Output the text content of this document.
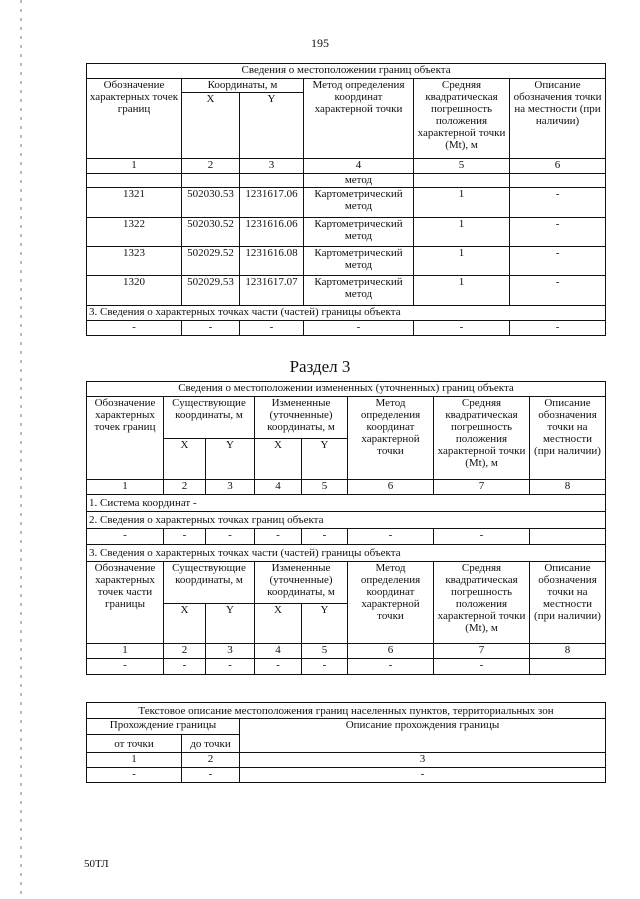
195
Сведения о местоположении границ объекта					
Обозначение характерных точек границ	Координаты, м		Метод определения координат характерной точки	Средняя квадратическая погрешность положения характерной точки (Mt), м	Описание обозначения точки на местности (при наличии)
	X	Y			
1	2	3	4	5	6
			метод		
1321	502030.53	1231617.06	Картометрический метод	1	-
1322	502030.52	1231616.06	Картометрический метод	1	-
1323	502029.52	1231616.08	Картометрический метод	1	-
1320	502029.53	1231617.07	Картометрический метод	1	-
3. Сведения о характерных точках части (частей) границы объекта					
-	-	-	-	-	-
Раздел 3
Сведения о местоположении измененных (уточненных) границ объекта							
Обозначение характерных точек границ	Существующие координаты, м		Измененные (уточненные) координаты, м		Метод определения координат характерной точки	Средняя квадратическая погрешность положения характерной точки (Mt), м	Описание обозначения точки на местности (при наличии)
	X	Y	X	Y			
1	2	3	4	5	6	7	8
1. Система координат -							
2. Сведения о характерных точках границ объекта							
-	-	-	-	-	-	-	
3. Сведения о характерных точках части (частей) границы объекта							
Обозначение характерных точек части границы	Существующие координаты, м		Измененные (уточненные) координаты, м		Метод определения координат характерной точки	Средняя квадратическая погрешность положения характерной точки (Mt), м	Описание обозначения точки на местности (при наличии)
	X	Y	X	Y			
1	2	3	4	5	6	7	8
-	-	-	-	-	-	-	
Текстовое описание местоположения границ населенных пунктов, территориальных зон		
Прохождение границы		Описание прохождения границы
от точки	до точки	
1	2	3
-	-	-
50ТЛ
